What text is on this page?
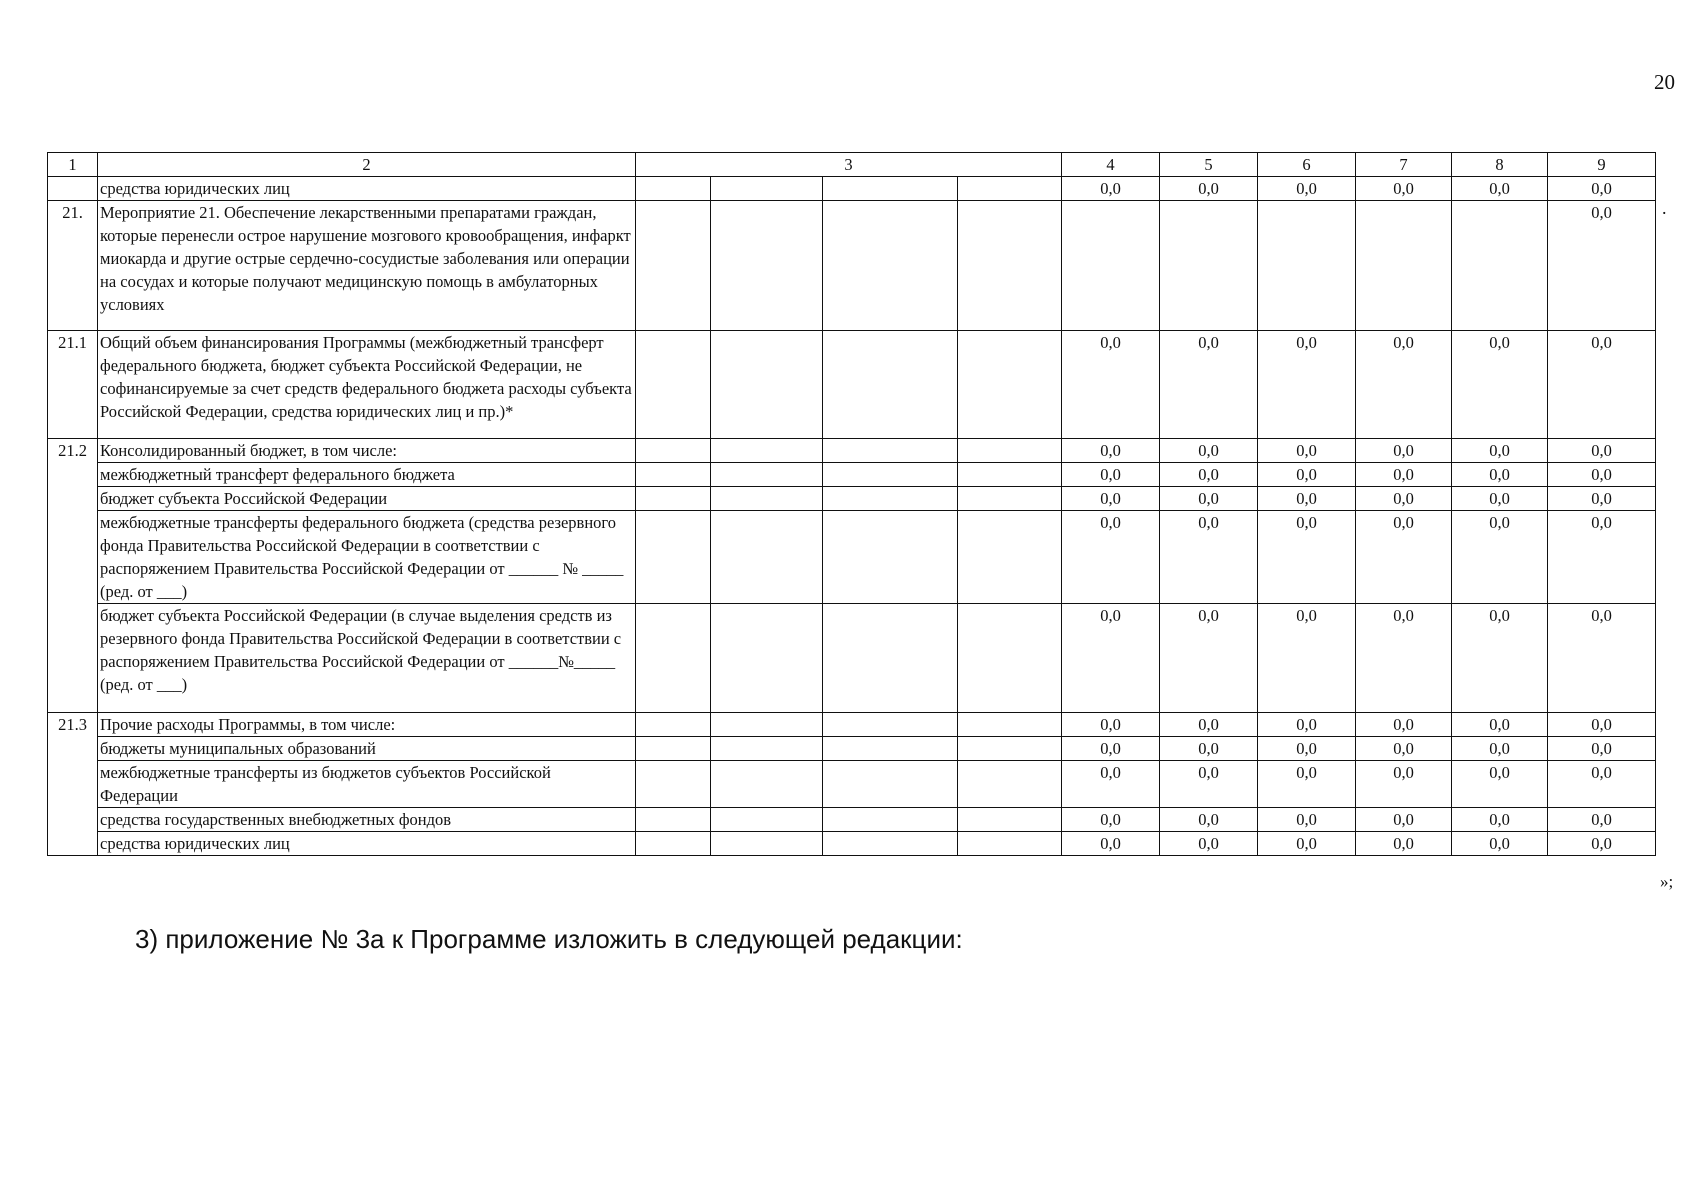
20
1	2	3				4	5	6	7	8	9
	средства юридических лиц					0,0	0,0	0,0	0,0	0,0	0,0
21.	Мероприятие 21. Обеспечение лекарственными препаратами граждан, которые перенесли острое нарушение мозгового кровообращения, инфаркт миокарда и другие острые сердечно-сосудистые заболевания или операции на сосудах и которые получают медицинскую помощь в амбулаторных условиях										0,0
21.1	Общий объем финансирования Программы (межбюджетный трансферт федерального бюджета, бюджет субъекта Российской Федерации, не софинансируемые за счет средств федерального бюджета расходы субъекта Российской Федерации, средства юридических лиц и пр.)*					0,0	0,0	0,0	0,0	0,0	0,0
21.2	Консолидированный бюджет, в том числе:					0,0	0,0	0,0	0,0	0,0	0,0
	межбюджетный трансферт федерального бюджета					0,0	0,0	0,0	0,0	0,0	0,0
	бюджет субъекта Российской Федерации					0,0	0,0	0,0	0,0	0,0	0,0
	межбюджетные трансферты федерального бюджета (средства резервного фонда Правительства Российской Федерации в соответствии с распоряжением Правительства Российской Федерации от ______ № _____ (ред. от ___)					0,0	0,0	0,0	0,0	0,0	0,0
	бюджет субъекта Российской Федерации (в случае выделения средств из резервного фонда Правительства Российской Федерации в соответствии с распоряжением Правительства Российской Федерации от ______№_____ (ред. от ___)					0,0	0,0	0,0	0,0	0,0	0,0
21.3	Прочие расходы Программы, в том числе:					0,0	0,0	0,0	0,0	0,0	0,0
	бюджеты муниципальных образований					0,0	0,0	0,0	0,0	0,0	0,0
	межбюджетные трансферты из бюджетов субъектов Российской Федерации					0,0	0,0	0,0	0,0	0,0	0,0
	средства государственных внебюджетных фондов					0,0	0,0	0,0	0,0	0,0	0,0
	средства юридических лиц					0,0	0,0	0,0	0,0	0,0	0,0
.
»;
3) приложение № 3а к Программе изложить в следующей редакции:
